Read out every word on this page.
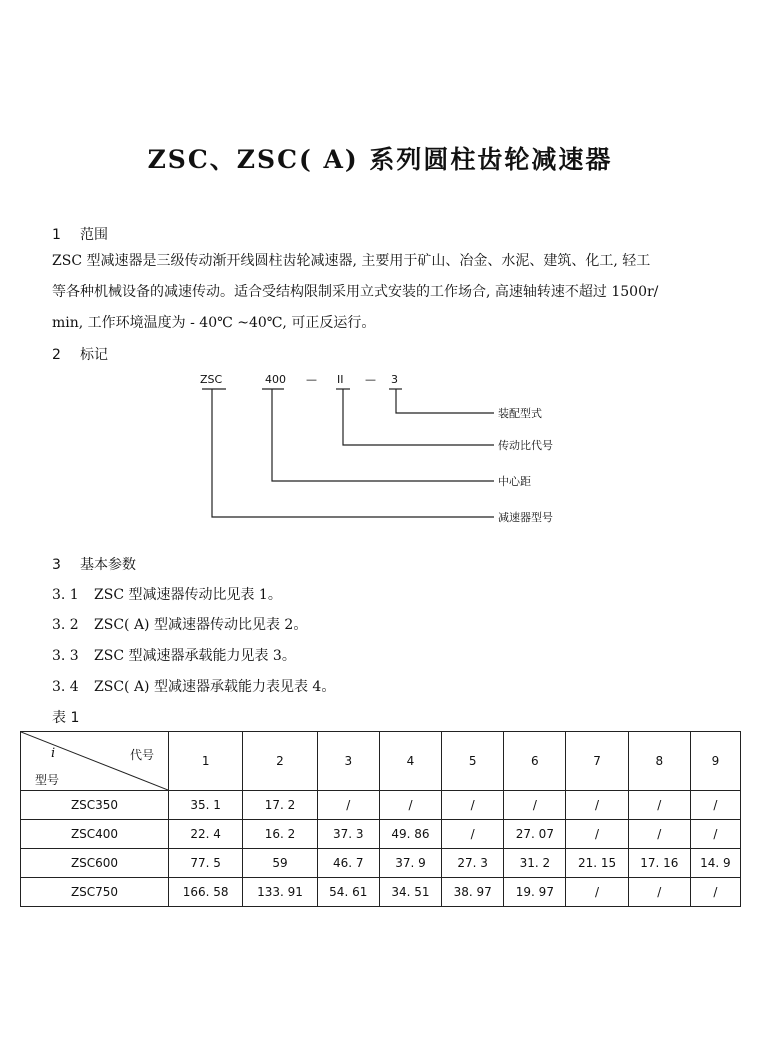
ZSC、ZSC( A) 系列圆柱齿轮减速器
1 范围

ZSC 型减速器是三级传动渐开线圆柱齿轮减速器, 主要用于矿山、冶金、水泥、建筑、化工, 轻工

等各种机械设备的减速传动。适合受结构限制采用立式安装的工作场合, 高速轴转速不超过 1500r/

min, 工作环境温度为 - 40℃ ~40℃, 可正反运行。

2 标记
ZSC	400 — II — 3
装配型式
传动比代号
中心距
减速器型号
3 基本参数
3. 1 ZSC 型减速器传动比见表 1。
3. 2 ZSC( A) 型减速器传动比见表 2。
3. 3 ZSC 型减速器承载能力见表 3。
3. 4 ZSC( A) 型减速器承载能力表见表 4。
表 1
i 代号
型号	1	2	3	4	5	6	7	8	9
ZSC350	35. 1	17. 2	/	/	/	/	/	/	/
ZSC400	22. 4	16. 2	37. 3	49. 86	/	27. 07	/	/	/
ZSC600	77. 5	59	46. 7	37. 9	27. 3	31. 2	21. 15	17. 16	14. 9
ZSC750	166. 58	133. 91	54. 61	34. 51	38. 97	19. 97	/	/	/
